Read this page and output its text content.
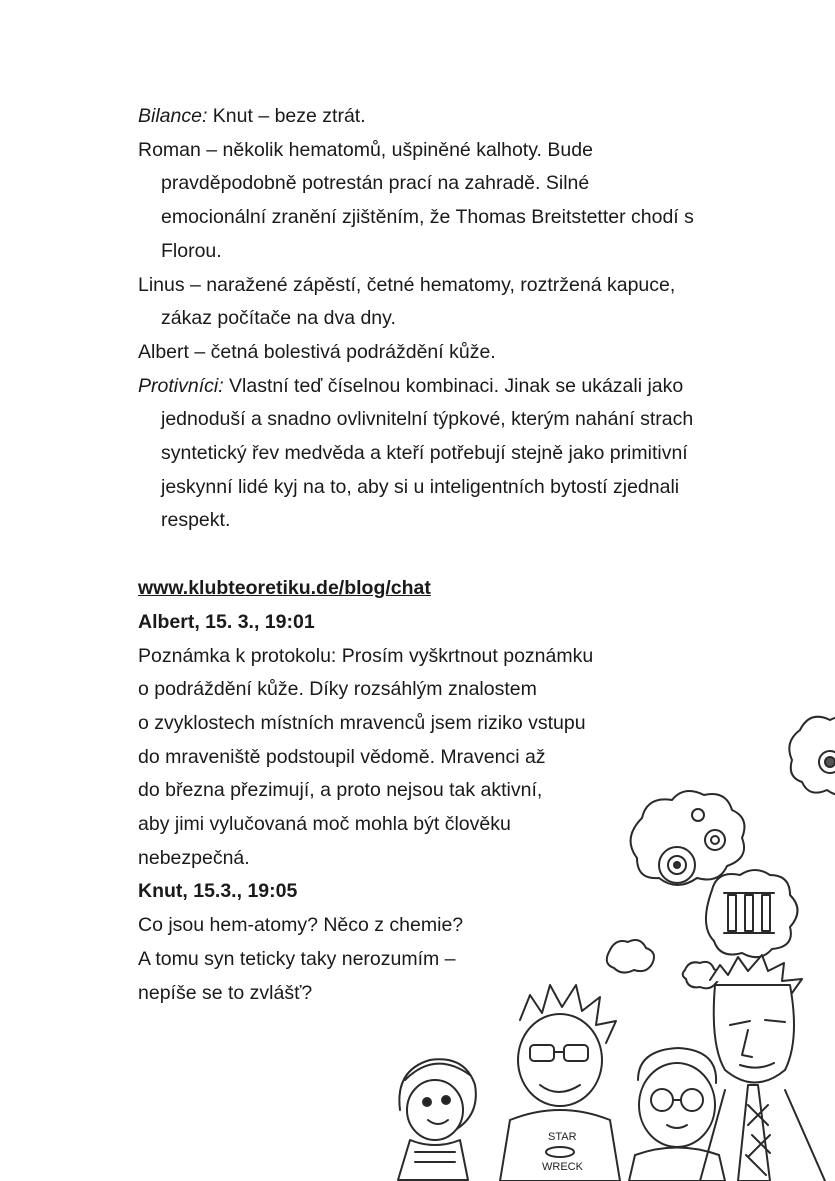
Bilance: Knut – beze ztrát.

Roman – několik hematomů, ušpiněné kalhoty. Bude pravděpodobně potrestán prací na zahradě. Silné emocionální zranění zjištěním, že Thomas Breitstetter chodí s Florou.

Linus – naražené zápěstí, četné hematomy, roztržená kapuce, zákaz počítače na dva dny.

Albert – četná bolestivá podráždění kůže.

Protivníci: Vlastní teď číselnou kombinaci. Jinak se ukázali jako jednoduší a snadno ovlivnitelní týpkové, kterým nahání strach syntetický řev medvěda a kteří potřebují stejně jako primitivní jeskynní lidé kyj na to, aby si u inteligentních bytostí zjednali respekt.

www.klubteoretiku.de/blog/chat

Albert, 15. 3., 19:01

Poznámka k protokolu: Prosím vyškrtnout poznámku

o podráždění kůže. Díky rozsáhlým znalostem

o zvyklostech místních mravenců jsem riziko vstupu

do mraveniště podstoupil vědomě. Mravenci až

do března přezimují, a proto nejsou tak aktivní,

aby jimi vylučovaná moč mohla být člověku

nebezpečná.

Knut, 15.3., 19:05

Co jsou hem-atomy? Něco z chemie?

A tomu syn teticky taky nerozumím –

nepíše se to zvlášť?

STAR
WRECK
